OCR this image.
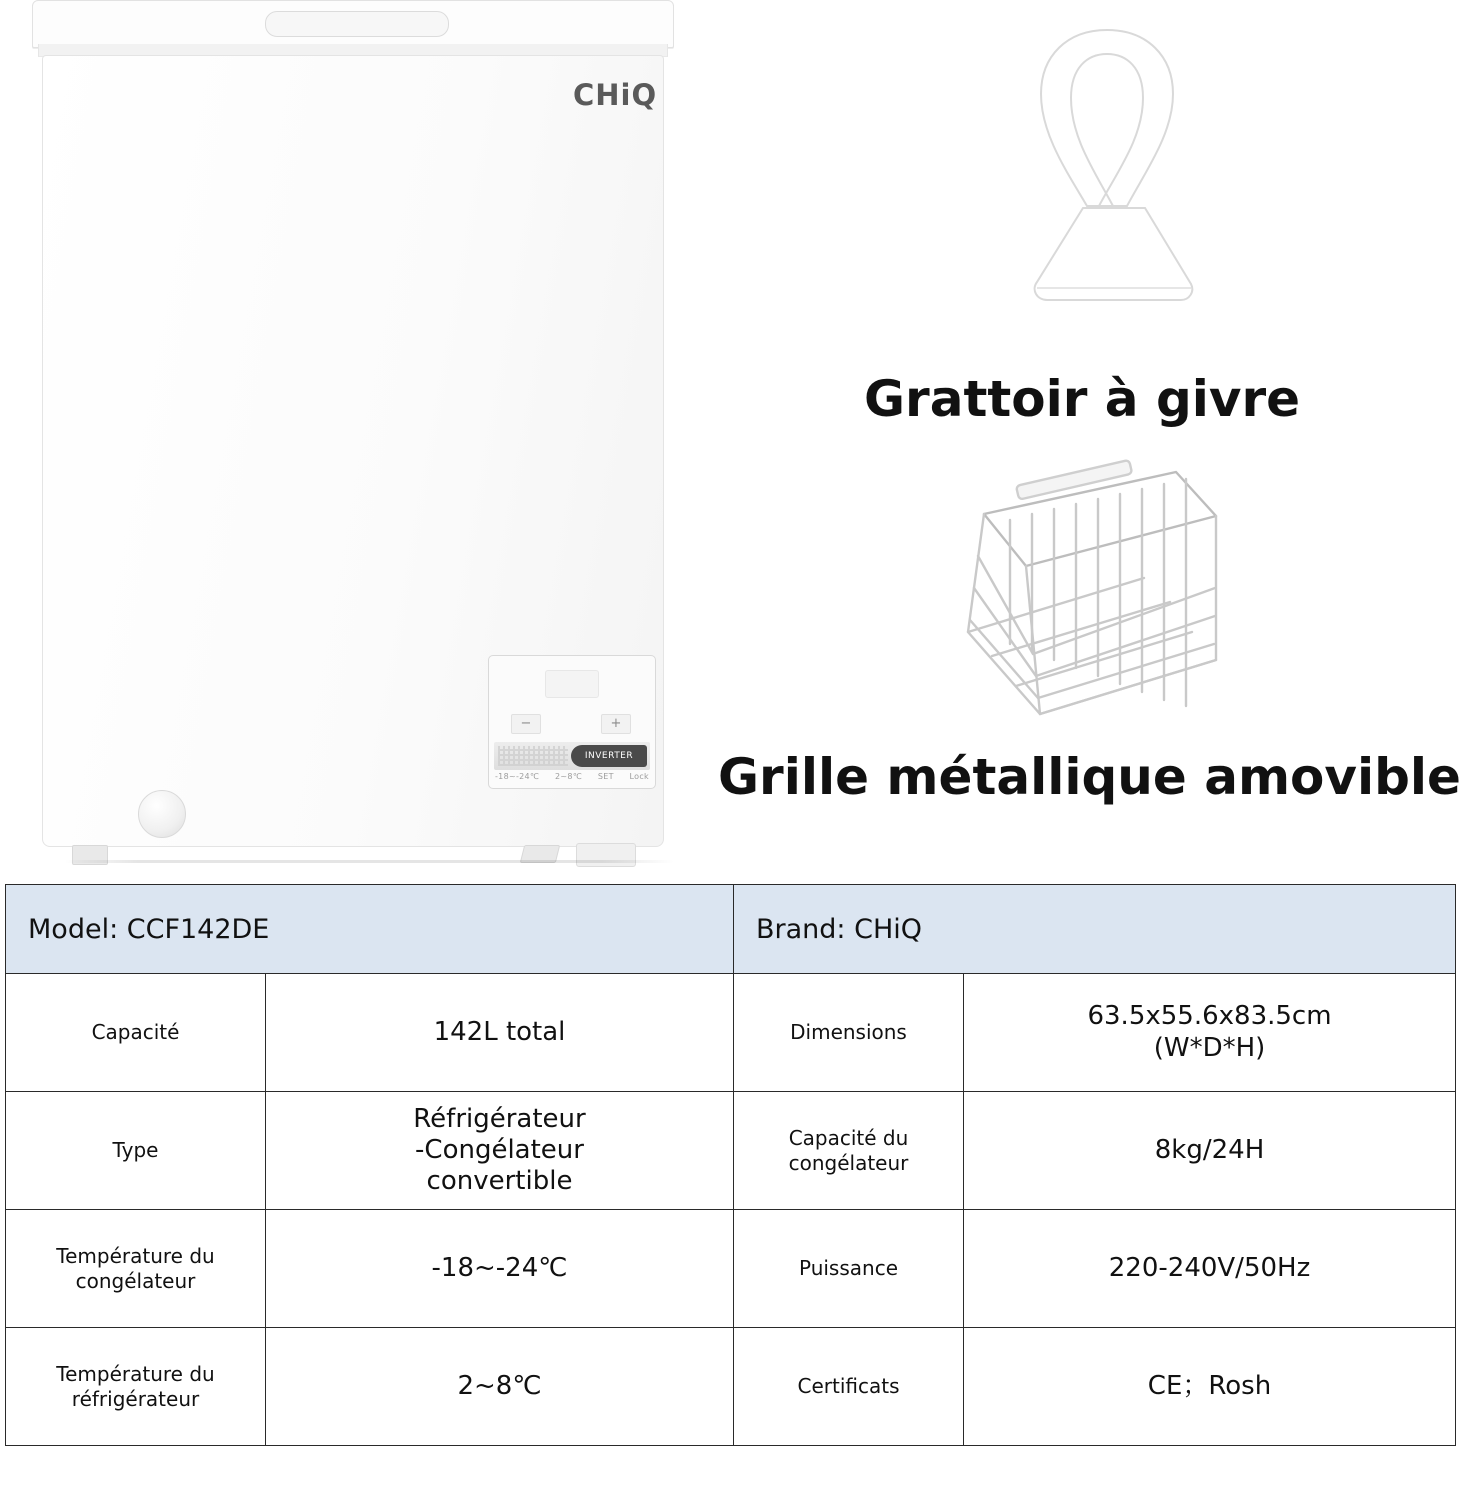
CHiQ
−	+
INVERTER
-18~-24℃ 2~8℃ SET Lock
Grattoir à givre
Grille métallique amovible
Model: CCF142DE		Brand: CHiQ	
Capacité	142L total	Dimensions	63.5x55.6x83.5cm
(W*D*H)
Type	Réfrigérateur
-Congélateur
convertible	Capacité du
congélateur	8kg/24H
Température du
congélateur	-18~-24℃	Puissance	220-240V/50Hz
Température du
réfrigérateur	2~8℃	Certificats	CE；Rosh
